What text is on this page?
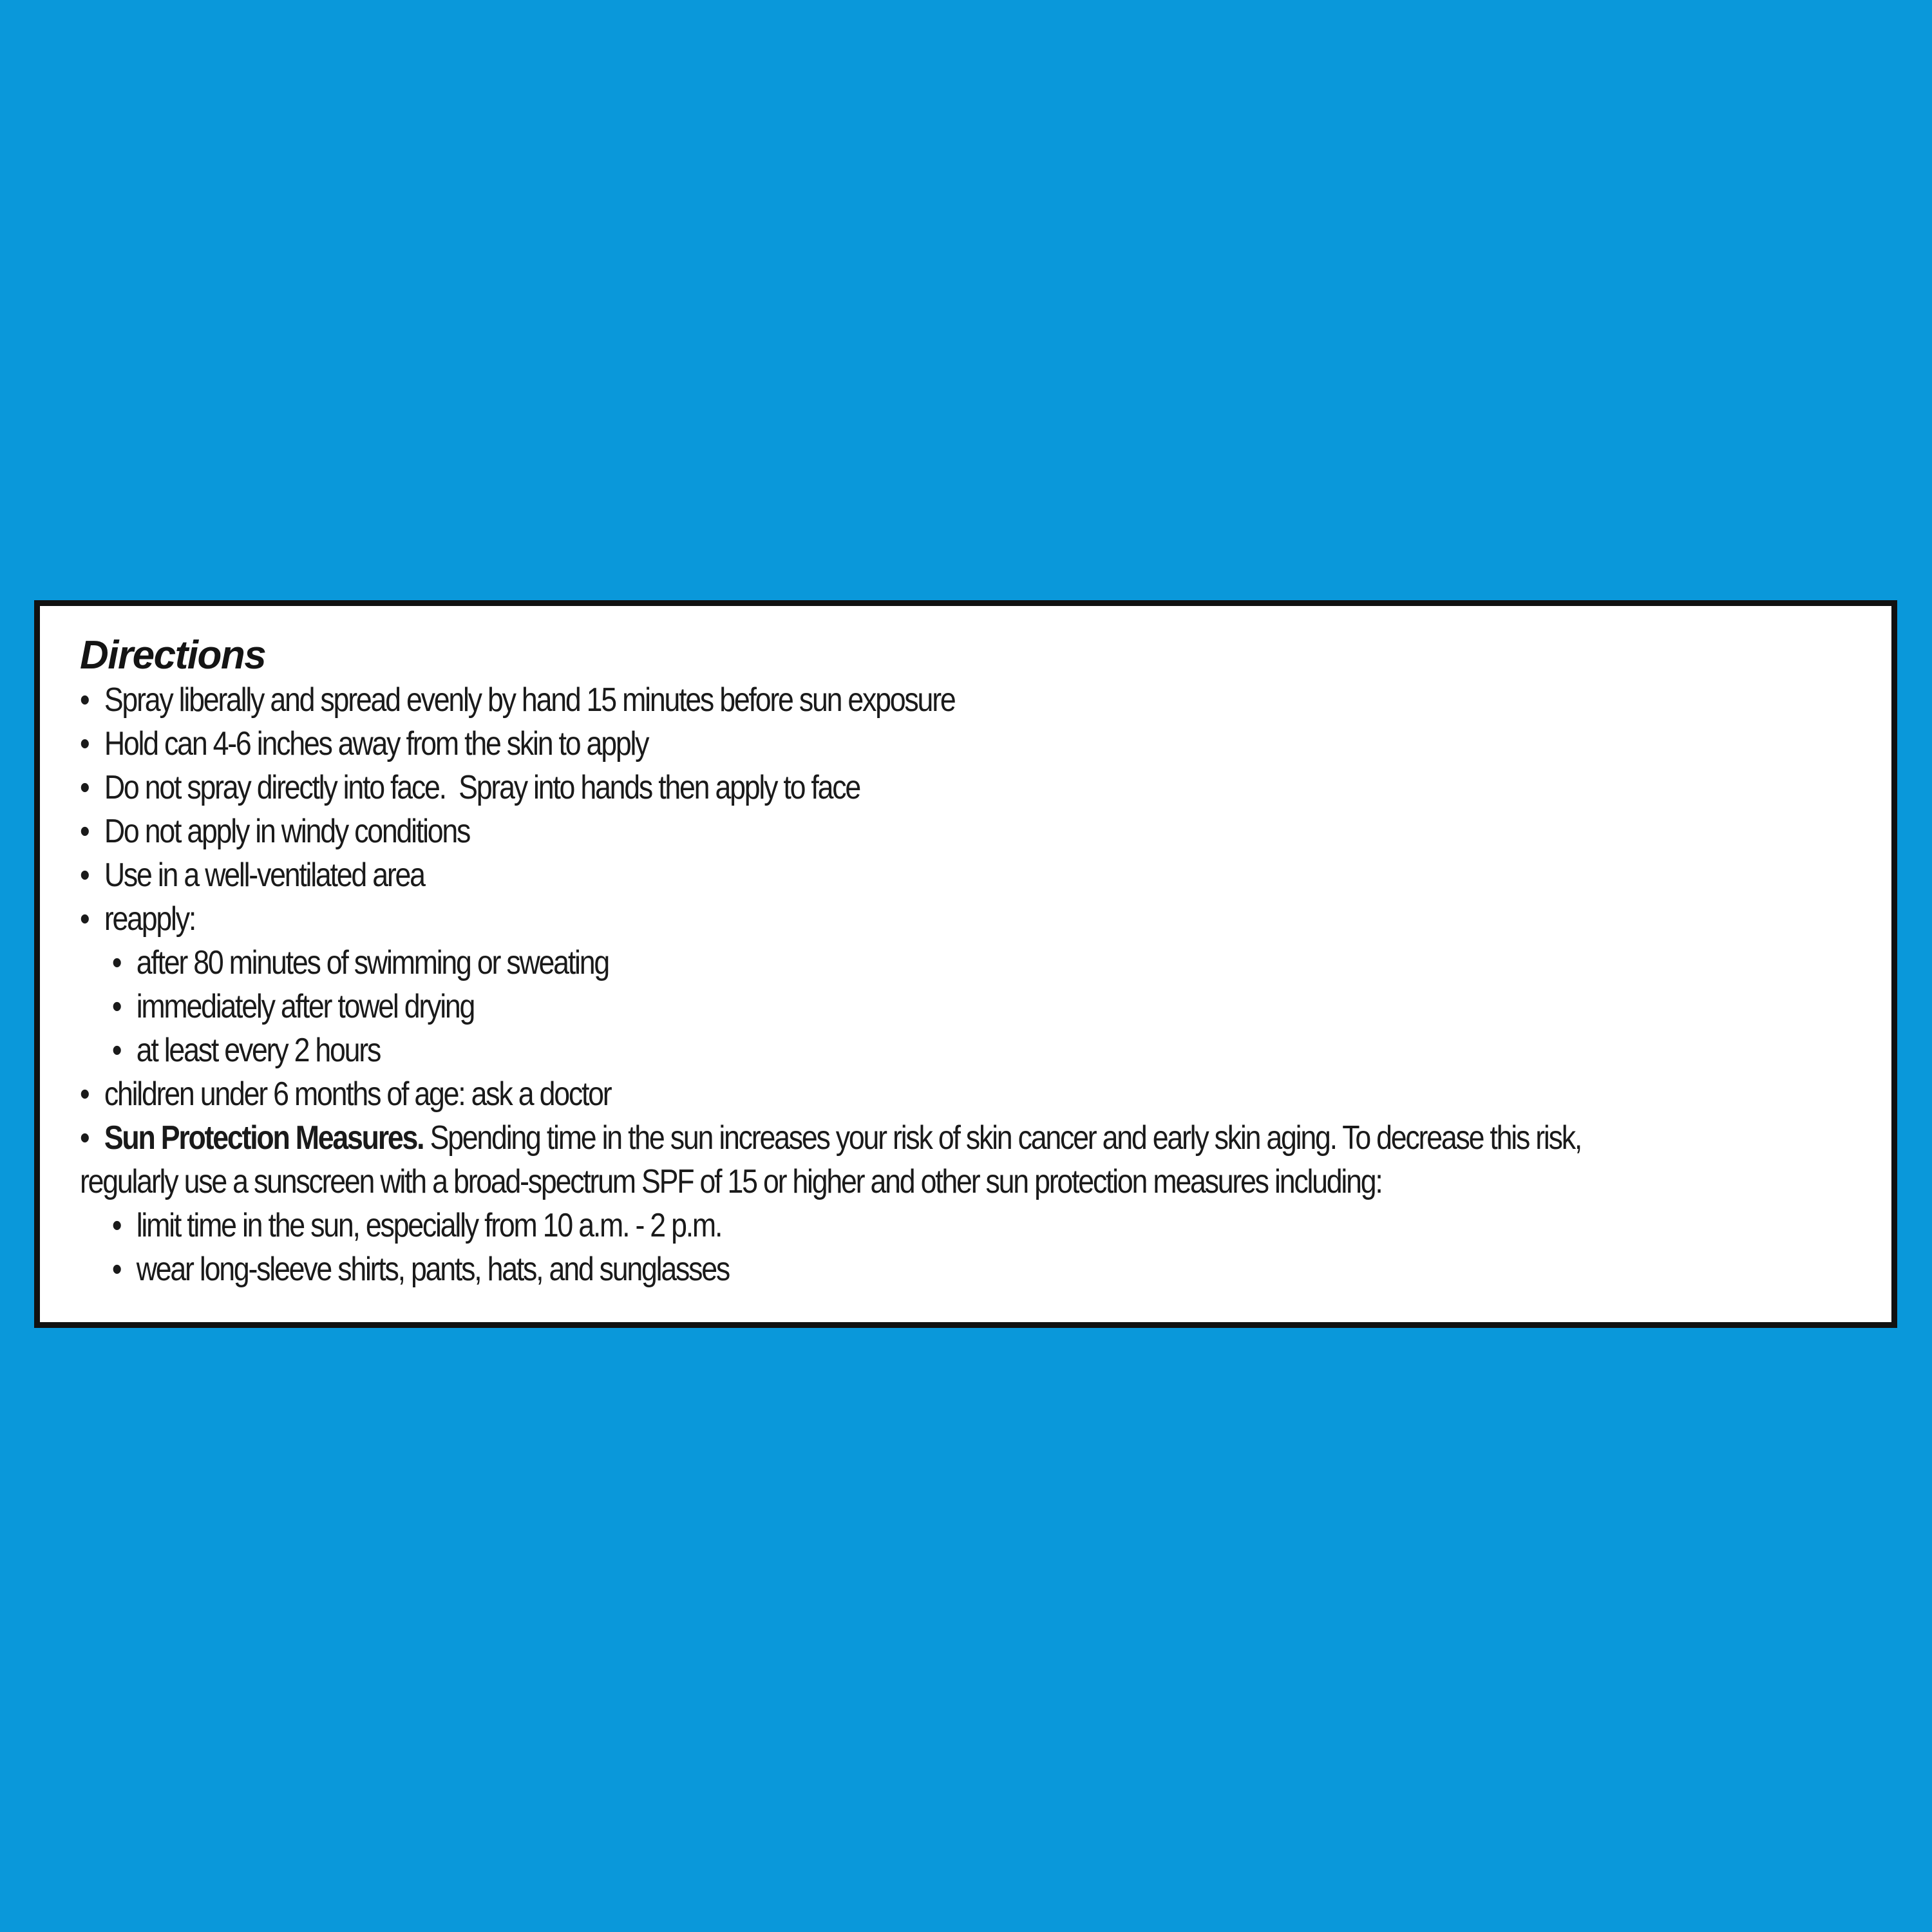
Directions
• Spray liberally and spread evenly by hand 15 minutes before sun exposure
• Hold can 4-6 inches away from the skin to apply
• Do not spray directly into face.  Spray into hands then apply to face
• Do not apply in windy conditions
• Use in a well-ventilated area
• reapply:
• after 80 minutes of swimming or sweating
• immediately after towel drying
• at least every 2 hours
• children under 6 months of age: ask a doctor
• Sun Protection Measures. Spending time in the sun increases your risk of skin cancer and early skin aging. To decrease this risk,
regularly use a sunscreen with a broad-spectrum SPF of 15 or higher and other sun protection measures including:
• limit time in the sun, especially from 10 a.m. - 2 p.m.
• wear long-sleeve shirts, pants, hats, and sunglasses
